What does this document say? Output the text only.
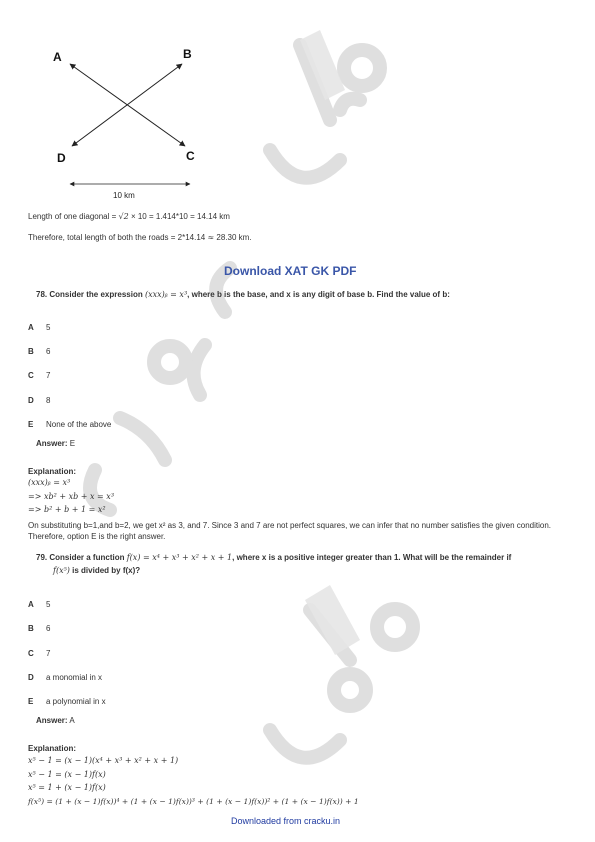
A	B
D	C
10 km
Length of one diagonal = √2 × 10 = 1.414*10 = 14.14 km
Therefore, total length of both the roads = 2*14.14 ≈ 28.30 km.
Download XAT GK PDF
78. Consider the expression (xxx)ᵦ = x³, where b is the base, and x is any digit of base b. Find the value of b:
A 5
B 6
C 7
D 8
E None of the above
Answer: E
Explanation:
(xxx)ᵦ = x³
=> xb² + xb + x = x³
=> b² + b + 1 = x²
On substituting b=1,and b=2, we get x² as 3, and 7. Since 3 and 7 are not perfect squares, we can infer that no number satisfies the given condition. Therefore, option E is the right answer.
79. Consider a function f(x) = x⁴ + x³ + x² + x + 1, where x is a positive integer greater than 1. What will be the remainder if
f(x⁵) is divided by f(x)?
A 5
B 6
C 7
D a monomial in x
E a polynomial in x
Answer: A
Explanation:
x⁵ − 1 = (x − 1)(x⁴ + x³ + x² + x + 1)
x⁵ − 1 = (x − 1)f(x)
x⁵ = 1 + (x − 1)f(x)
f(x⁵) = (1 + (x − 1)f(x))⁴ + (1 + (x − 1)f(x))³ + (1 + (x − 1)f(x))² + (1 + (x − 1)f(x)) + 1
Downloaded from cracku.in
